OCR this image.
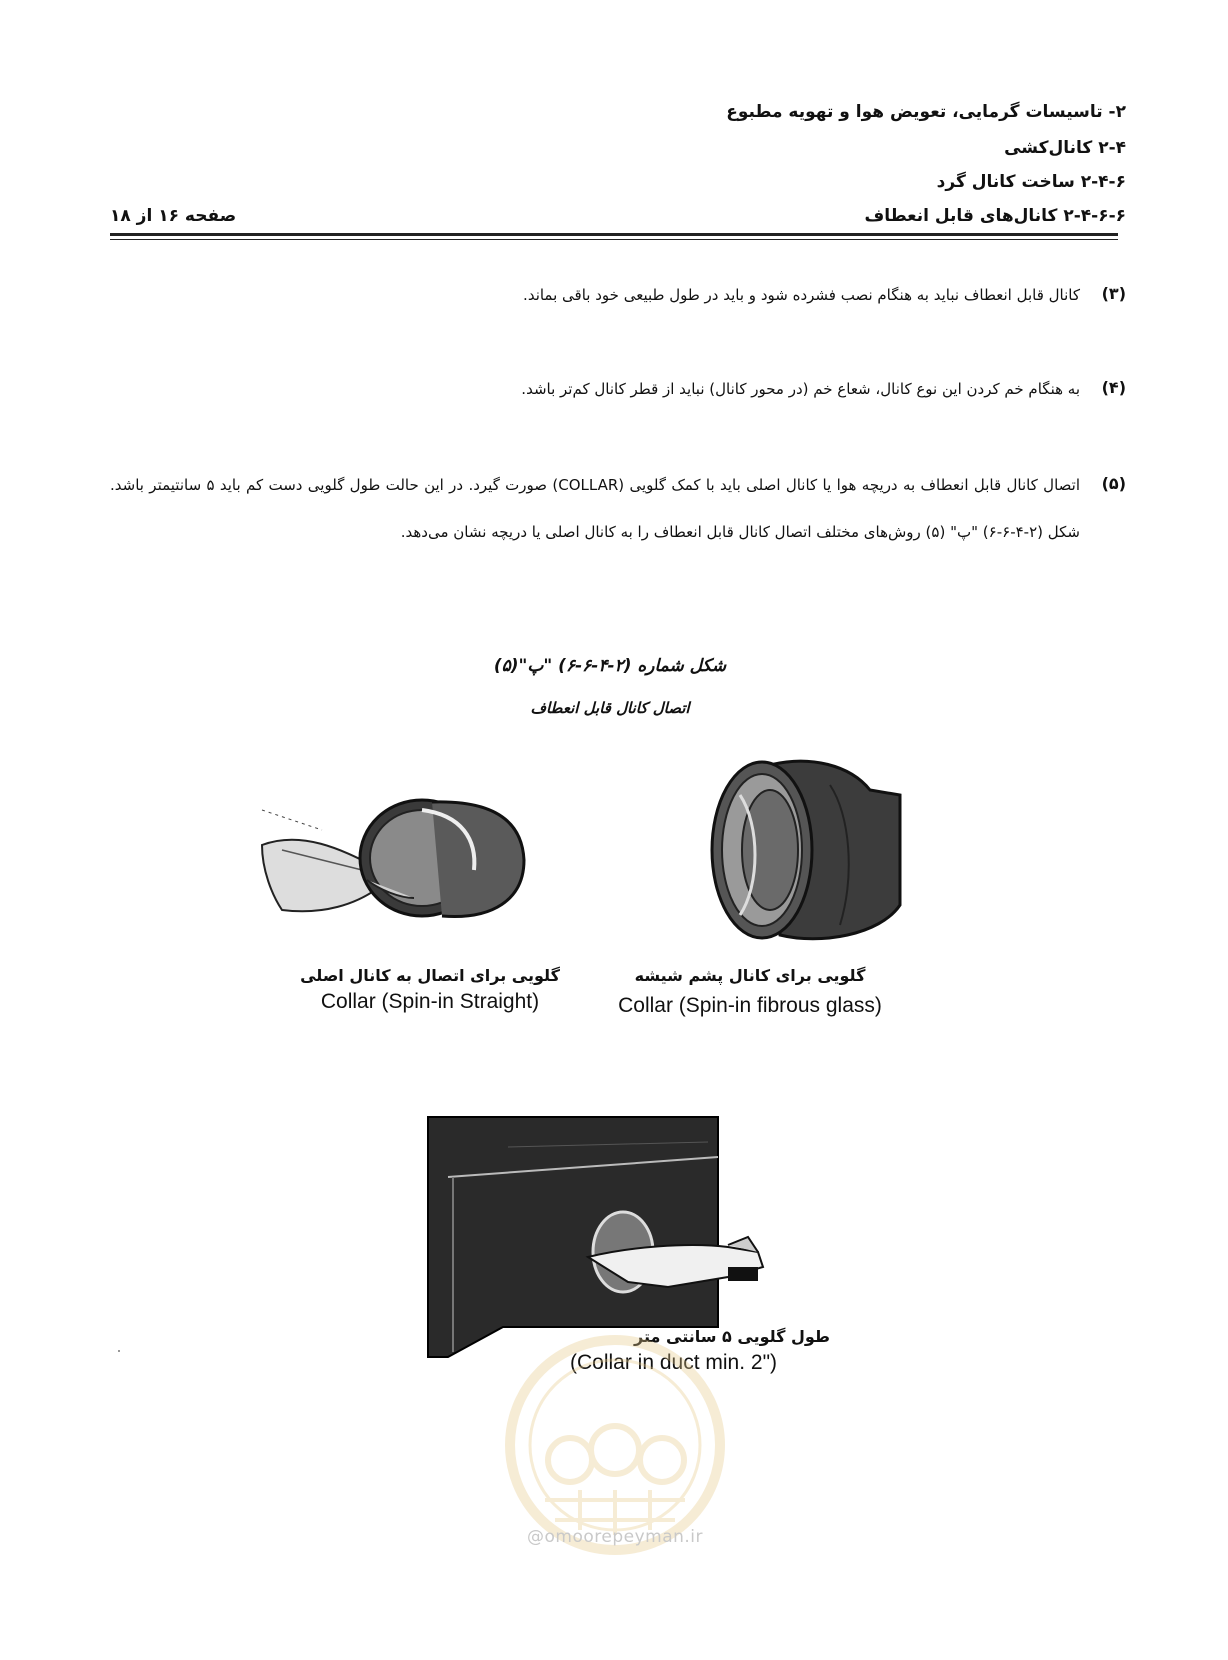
۲- تاسیسات گرمایی، تعویض هوا و تهویه مطبوع
۲-۴ کانال‌کشی
۲-۴-۶ ساخت کانال گرد
۲-۴-۶-۶ کانال‌های قابل انعطاف
صفحه ۱۶ از ۱۸
(۳)
کانال قابل انعطاف نباید به هنگام نصب فشرده شود و باید در طول طبیعی خود باقی بماند.
(۴)
به هنگام خم کردن این نوع کانال، شعاع خم (در محور کانال) نباید از قطر کانال کم‌تر باشد.
(۵)
اتصال کانال قابل انعطاف به دریچه هوا یا کانال اصلی باید با کمک گلویی (COLLAR) صورت گیرد. در این حالت طول گلویی دست کم باید ۵ سانتیمتر باشد. شکل (۲-۴-۶-۶) "پ" (۵) روش‌های مختلف اتصال کانال قابل انعطاف را به کانال اصلی یا دریچه نشان می‌دهد.
شکل شماره (۲-۴-۶-۶) "پ"(۵)
اتصال کانال قابل انعطاف
گلویی برای اتصال به کانال اصلی
Collar (Spin-in Straight)
گلویی برای کانال پشم شیشه
Collar (Spin-in fibrous glass)
طول گلویی ۵ سانتی متر
(Collar in duct min. 2")
@omoorepeyman.ir
